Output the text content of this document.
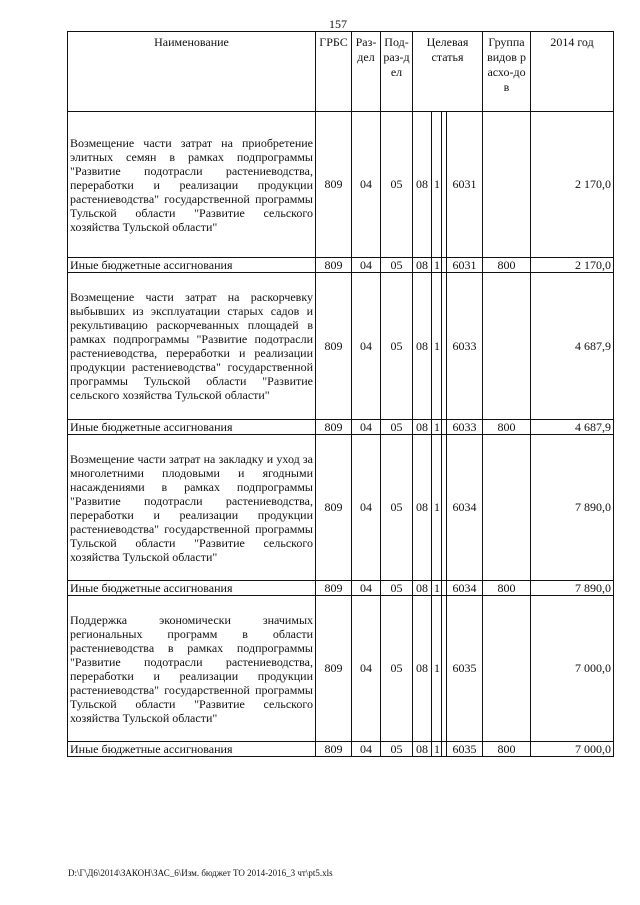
157
Наименование	ГРБС	Раз-дел	Под-раз-дел	Целевая статья				Группа видов расхо-дов	2014 год
Возмещение части затрат на приобретение элитных семян в рамках подпрограммы "Развитие подотрасли растениеводства, переработки и реализации продукции растениеводства" государственной программы Тульской области "Развитие сельского хозяйства Тульской области"	809	04	05	08	1		6031		2 170,0
Иные бюджетные ассигнования	809	04	05	08	1		6031	800	2 170,0
Возмещение части затрат на раскорчевку выбывших из эксплуатации старых садов и рекультивацию раскорчеванных площадей в рамках подпрограммы "Развитие подотрасли растениеводства, переработки и реализации продукции растениеводства" государственной программы Тульской области "Развитие сельского хозяйства Тульской области"	809	04	05	08	1		6033		4 687,9
Иные бюджетные ассигнования	809	04	05	08	1		6033	800	4 687,9
Возмещение части затрат на закладку и уход за многолетними плодовыми и ягодными насаждениями в рамках подпрограммы "Развитие подотрасли растениеводства, переработки и реализации продукции растениеводства" государственной программы Тульской области "Развитие сельского хозяйства Тульской области"	809	04	05	08	1		6034		7 890,0
Иные бюджетные ассигнования	809	04	05	08	1		6034	800	7 890,0
Поддержка экономически значимых региональных программ в области растениеводства в рамках подпрограммы "Развитие подотрасли растениеводства, переработки и реализации продукции растениеводства" государственной программы Тульской области "Развитие сельского хозяйства Тульской области"	809	04	05	08	1		6035		7 000,0
Иные бюджетные ассигнования	809	04	05	08	1		6035	800	7 000,0
D:\Г\Д6\2014\ЗАКОН\ЗАС_6\Изм. бюджет ТО 2014-2016_3 чт\pt5.xls
